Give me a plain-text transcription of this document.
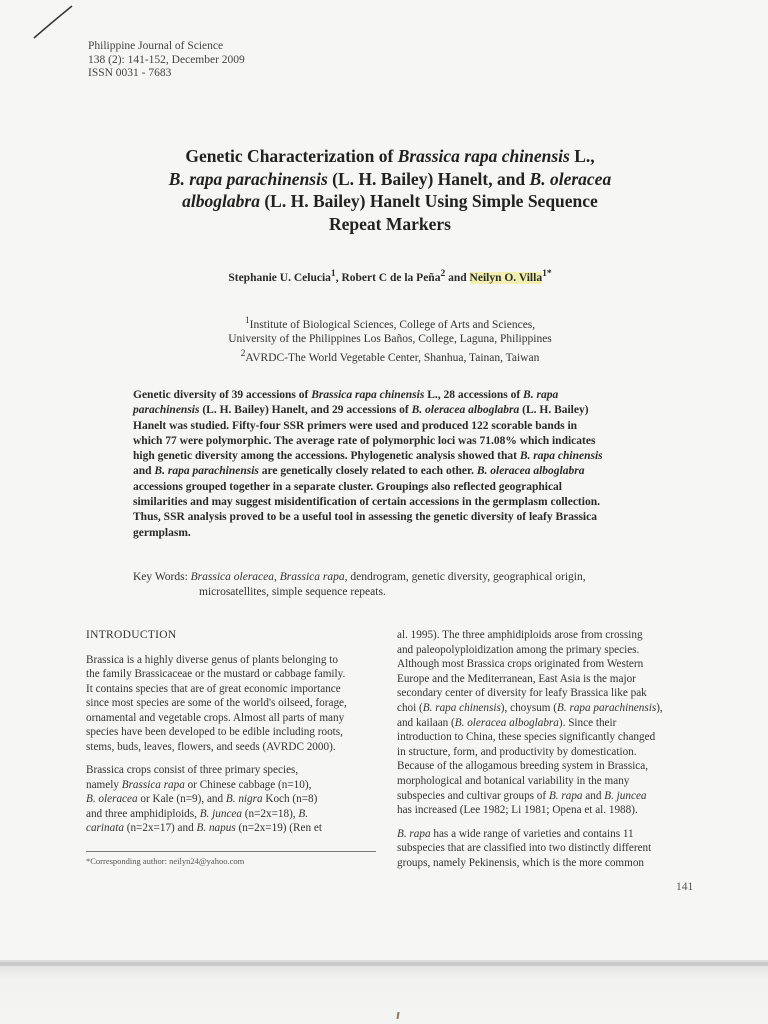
Philippine Journal of Science
138 (2): 141-152, December 2009
ISSN 0031 - 7683
Genetic Characterization of Brassica rapa chinensis L.,
B. rapa parachinensis (L. H. Bailey) Hanelt, and B. oleracea
alboglabra (L. H. Bailey) Hanelt Using Simple Sequence
Repeat Markers
Stephanie U. Celucia$^1$, Robert C de la Peña$^2$ and Neilyn O. Villa$^{1*}$
$^1$Institute of Biological Sciences, College of Arts and Sciences,
University of the Philippines Los Baños, College, Laguna, Philippines
$^2$AVRDC-The World Vegetable Center, Shanhua, Tainan, Taiwan
Genetic diversity of 39 accessions of Brassica rapa chinensis L., 28 accessions of B. rapa
parachinensis (L. H. Bailey) Hanelt, and 29 accessions of B. oleracea alboglabra (L. H. Bailey)
Hanelt was studied. Fifty-four SSR primers were used and produced 122 scorable bands in
which 77 were polymorphic. The average rate of polymorphic loci was 71.08% which indicates
high genetic diversity among the accessions. Phylogenetic analysis showed that B. rapa chinensis
and B. rapa parachinensis are genetically closely related to each other. B. oleracea alboglabra
accessions grouped together in a separate cluster. Groupings also reflected geographical
similarities and may suggest misidentification of certain accessions in the germplasm collection.
Thus, SSR analysis proved to be a useful tool in assessing the genetic diversity of leafy Brassica
germplasm.
Key Words: Brassica oleracea, Brassica rapa, dendrogram, genetic diversity, geographical origin,
microsatellites, simple sequence repeats.
INTRODUCTION
Brassica is a highly diverse genus of plants belonging to
the family Brassicaceae or the mustard or cabbage family.
It contains species that are of great economic importance
since most species are some of the world's oilseed, forage,
ornamental and vegetable crops. Almost all parts of many
species have been developed to be edible including roots,
stems, buds, leaves, flowers, and seeds (AVRDC 2000).
Brassica crops consist of three primary species,
namely Brassica rapa or Chinese cabbage (n=10),
B. oleracea or Kale (n=9), and B. nigra Koch (n=8)
and three amphidiploids, B. juncea (n=2x=18), B.
carinata (n=2x=17) and B. napus (n=2x=19) (Ren et
al. 1995). The three amphidiploids arose from crossing
and paleopolyploidization among the primary species.
Although most Brassica crops originated from Western
Europe and the Mediterranean, East Asia is the major
secondary center of diversity for leafy Brassica like pak
choi (B. rapa chinensis), choysum (B. rapa parachinensis),
and kailaan (B. oleracea alboglabra). Since their
introduction to China, these species significantly changed
in structure, form, and productivity by domestication.
Because of the allogamous breeding system in Brassica,
morphological and botanical variability in the many
subspecies and cultivar groups of B. rapa and B. juncea
has increased (Lee 1982; Li 1981; Opena et al. 1988).
B. rapa has a wide range of varieties and contains 11
subspecies that are classified into two distinctly different
groups, namely Pekinensis, which is the more common
*Corresponding author: neilyn24@yahoo.com
141
